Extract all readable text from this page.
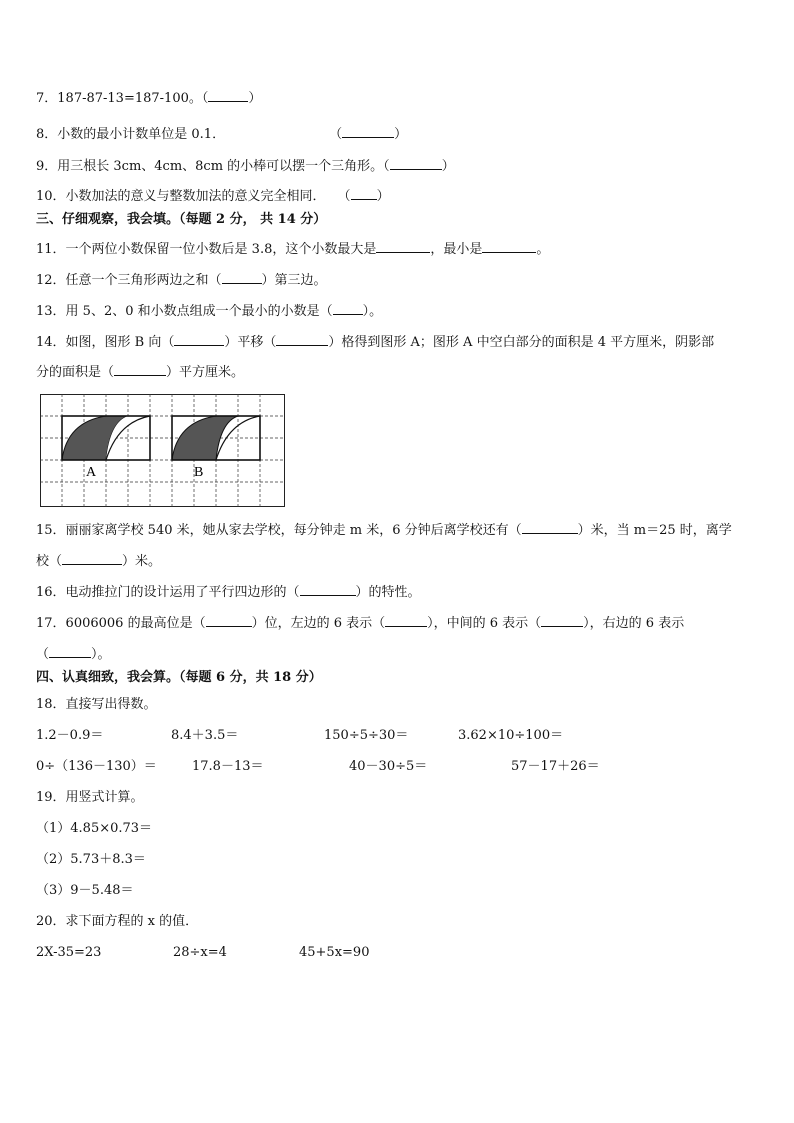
7．187-87-13=187-100。（	）
8．小数的最小计数单位是 0.1．	（	）
9．用三根长 3cm、4cm、8cm 的小棒可以摆一个三角形。（	）
10．小数加法的意义与整数加法的意义完全相同． （ ）
三、仔细观察，我会填。（每题 2 分， 共 14 分）
11．一个两位小数保留一位小数后是 3.8，这个小数最大是	，最小是	。
12．任意一个三角形两边之和（	）第三边。
13．用 5、2、0 和小数点组成一个最小的小数是（ ）。
14．如图，图形 B 向（	）平移（	）格得到图形 A；图形 A 中空白部分的面积是 4 平方厘米，阴影部
分的面积是（	）平方厘米。
A	B
15．丽丽家离学校 540 米，她从家去学校，每分钟走 m 米，6 分钟后离学校还有（	）米，当 m＝25 时，离学
校（	）米。
16．电动推拉门的设计运用了平行四边形的（	）的特性。
17．6006006 的最高位是（	）位，左边的 6 表示（	），中间的 6 表示（	），右边的 6 表示
（	）。
四、认真细致，我会算。（每题 6 分，共 18 分）
18．直接写出得数。
1.2－0.9＝	8.4＋3.5＝	150÷5÷30＝	3.62×10÷100＝
0÷（136－130）＝	17.8－13＝	40－30÷5＝	57－17＋26＝
19．用竖式计算。
（1）4.85×0.73＝
（2）5.73＋8.3＝
（3）9－5.48＝
20．求下面方程的 x 的值．
2X-35=23	28÷x=4	45+5x=90
